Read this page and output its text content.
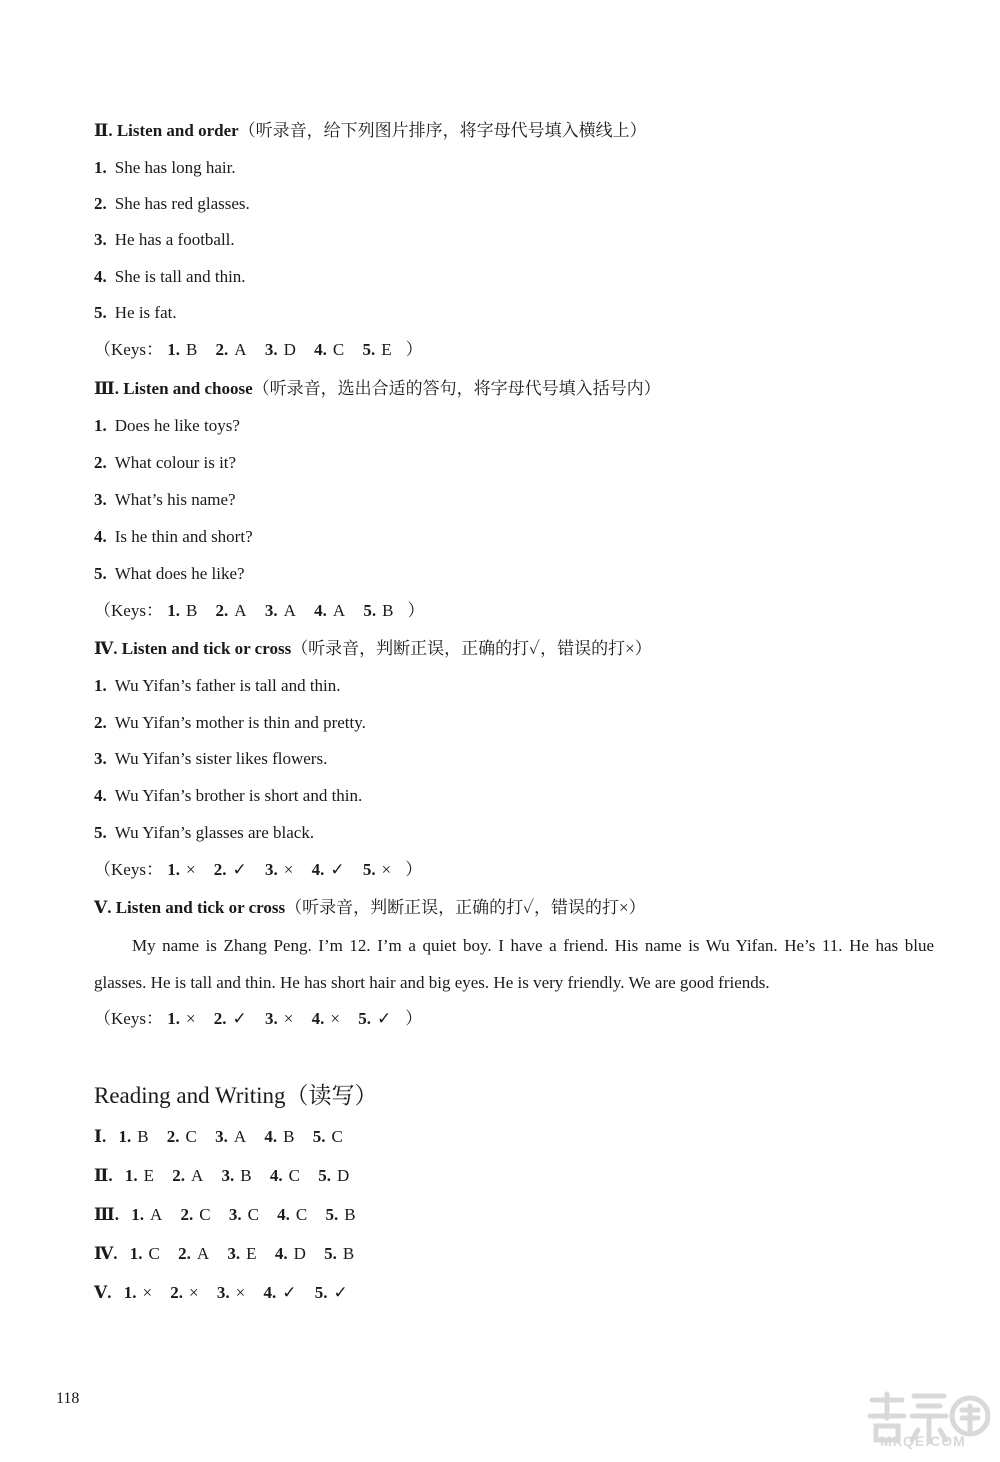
Ⅱ. Listen and order（听录音，给下列图片排序，将字母代号填入横线上）
1. She has long hair.
2. She has red glasses.
3. He has a football.
4. She is tall and thin.
5. He is fat.
（Keys： 1. B 2. A 3. D 4. C 5. E ）
Ⅲ. Listen and choose（听录音，选出合适的答句，将字母代号填入括号内）
1. Does he like toys?
2. What colour is it?
3. What’s his name?
4. Is he thin and short?
5. What does he like?
（Keys： 1. B 2. A 3. A 4. A 5. B ）
Ⅳ. Listen and tick or cross（听录音，判断正误，正确的打✓，错误的打×）
1. Wu Yifan’s father is tall and thin.
2. Wu Yifan’s mother is thin and pretty.
3. Wu Yifan’s sister likes flowers.
4. Wu Yifan’s brother is short and thin.
5. Wu Yifan’s glasses are black.
（Keys： 1. × 2. ✓ 3. × 4. ✓ 5. × ）
Ⅴ. Listen and tick or cross（听录音，判断正误，正确的打✓，错误的打×）
My name is Zhang Peng. I’m 12. I’m a quiet boy. I have a friend. His name is Wu Yifan. He’s 11. He has blue glasses. He is tall and thin. He has short hair and big eyes. He is very friendly. We are good friends.
（Keys： 1. × 2. ✓ 3. × 4. × 5. ✓ ）
Reading and Writing（读写）
Ⅰ. 1. B 2. C 3. A 4. B 5. C
Ⅱ. 1. E 2. A 3. B 4. C 5. D
Ⅲ. 1. A 2. C 3. C 4. C 5. B
Ⅳ. 1. C 2. A 3. E 4. D 5. B
Ⅴ. 1. × 2. × 3. × 4. ✓ 5. ✓
118
MXQE.COM
